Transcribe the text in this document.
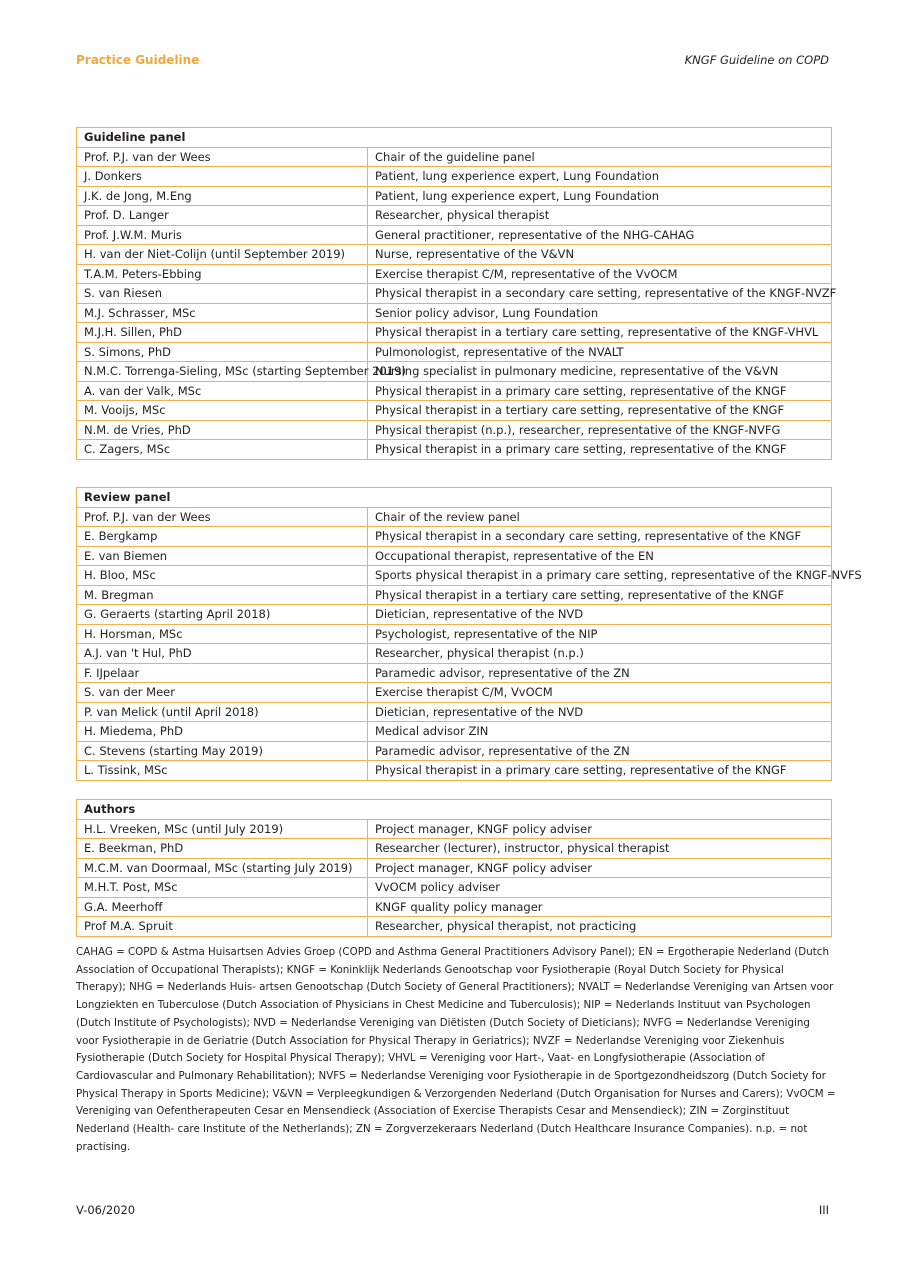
Practice Guideline	KNGF Guideline on COPD
Guideline panel	
Prof. P.J. van der Wees	Chair of the guideline panel
J. Donkers	Patient, lung experience expert, Lung Foundation
J.K. de Jong, M.Eng	Patient, lung experience expert, Lung Foundation
Prof. D. Langer	Researcher, physical therapist
Prof. J.W.M. Muris	General practitioner, representative of the NHG-CAHAG
H. van der Niet-Colijn (until September 2019)	Nurse, representative of the V&VN
T.A.M. Peters-Ebbing	Exercise therapist C/M, representative of the VvOCM
S. van Riesen	Physical therapist in a secondary care setting, representative of the KNGF-NVZF
M.J. Schrasser, MSc	Senior policy advisor, Lung Foundation
M.J.H. Sillen, PhD	Physical therapist in a tertiary care setting, representative of the KNGF-VHVL
S. Simons, PhD	Pulmonologist, representative of the NVALT
N.M.C. Torrenga-Sieling, MSc (starting September 2019)	Nursing specialist in pulmonary medicine, representative of the V&VN
A. van der Valk, MSc	Physical therapist in a primary care setting, representative of the KNGF
M. Vooijs, MSc	Physical therapist in a tertiary care setting, representative of the KNGF
N.M. de Vries, PhD	Physical therapist (n.p.), researcher, representative of the KNGF-NVFG
C. Zagers, MSc	Physical therapist in a primary care setting, representative of the KNGF
Review panel	
Prof. P.J. van der Wees	Chair of the review panel
E. Bergkamp	Physical therapist in a secondary care setting, representative of the KNGF
E. van Biemen	Occupational therapist, representative of the EN
H. Bloo, MSc	Sports physical therapist in a primary care setting, representative of the KNGF-NVFS
M. Bregman	Physical therapist in a tertiary care setting, representative of the KNGF
G. Geraerts (starting April 2018)	Dietician, representative of the NVD
H. Horsman, MSc	Psychologist, representative of the NIP
A.J. van 't Hul, PhD	Researcher, physical therapist (n.p.)
F. IJpelaar	Paramedic advisor, representative of the ZN
S. van der Meer	Exercise therapist C/M, VvOCM
P. van Melick (until April 2018)	Dietician, representative of the NVD
H. Miedema, PhD	Medical advisor ZIN
C. Stevens (starting May 2019)	Paramedic advisor, representative of the ZN
L. Tissink, MSc	Physical therapist in a primary care setting, representative of the KNGF
Authors	
H.L. Vreeken, MSc (until July 2019)	Project manager, KNGF policy adviser
E. Beekman, PhD	Researcher (lecturer), instructor, physical therapist
M.C.M. van Doormaal, MSc (starting July 2019)	Project manager, KNGF policy adviser
M.H.T. Post, MSc	VvOCM policy adviser
G.A. Meerhoff	KNGF quality policy manager
Prof M.A. Spruit	Researcher, physical therapist, not practicing
CAHAG = COPD & Astma Huisartsen Advies Groep (COPD and Asthma General Practitioners Advisory Panel); EN = Ergotherapie Nederland (Dutch Association of Occupational Therapists); KNGF = Koninklijk Nederlands Genootschap voor Fysiotherapie (Royal Dutch Society for Physical Therapy); NHG = Nederlands Huis- artsen Genootschap (Dutch Society of General Practitioners); NVALT = Nederlandse Vereniging van Artsen voor Longziekten en Tuberculose (Dutch Association of Physicians in Chest Medicine and Tuberculosis); NIP = Nederlands Instituut van Psychologen (Dutch Institute of Psychologists); NVD = Nederlandse Vereniging van Diëtisten (Dutch Society of Dieticians); NVFG = Nederlandse Vereniging voor Fysiotherapie in de Geriatrie (Dutch Association for Physical Therapy in Geriatrics); NVZF = Nederlandse Vereniging voor Ziekenhuis Fysiotherapie (Dutch Society for Hospital Physical Therapy); VHVL = Vereniging voor Hart-, Vaat- en Longfysiotherapie (Association of Cardiovascular and Pulmonary Rehabilitation); NVFS = Nederlandse Vereniging voor Fysiotherapie in de Sportgezondheidszorg (Dutch Society for Physical Therapy in Sports Medicine); V&VN = Verpleegkundigen & Verzorgenden Nederland (Dutch Organisation for Nurses and Carers); VvOCM = Vereniging van Oefentherapeuten Cesar en Mensendieck (Association of Exercise Therapists Cesar and Mensendieck); ZIN = Zorginstituut Nederland (Health- care Institute of the Netherlands); ZN = Zorgverzekeraars Nederland (Dutch Healthcare Insurance Companies). n.p. = not practising.
V-06/2020	III
